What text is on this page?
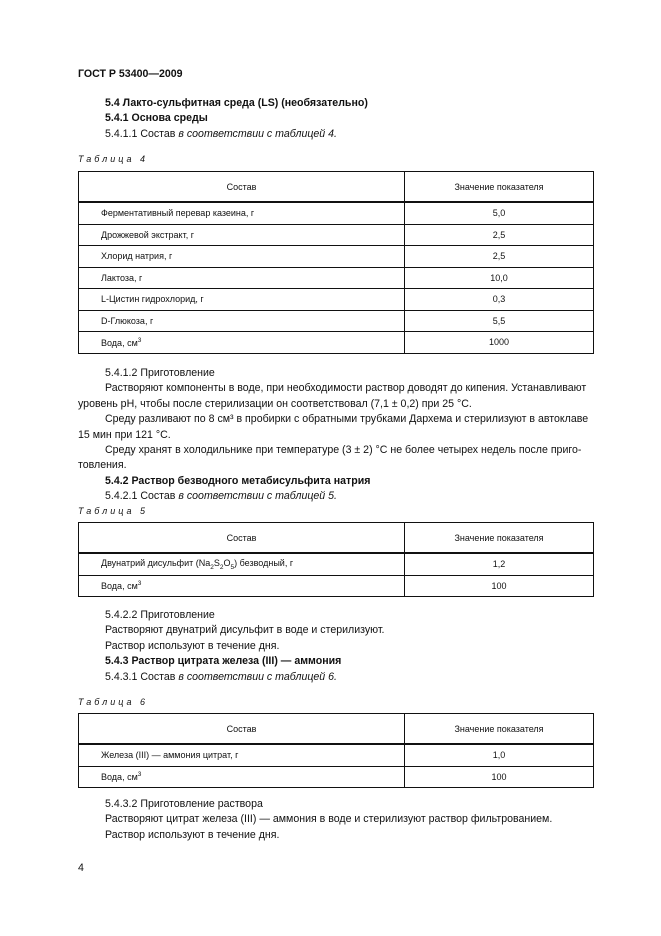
ГОСТ Р 53400—2009
5.4 Лакто-сульфитная среда (LS) (необязательно)
5.4.1 Основа среды
5.4.1.1 Состав в соответствии с таблицей 4.
Таблица 4
Состав	Значение показателя
Ферментативный перевар казеина, г	5,0
Дрожжевой экстракт, г	2,5
Хлорид натрия, г	2,5
Лактоза, г	10,0
L-Цистин гидрохлорид, г	0,3
D-Глюкоза, г	5,5
Вода, $см^3$	1000
5.4.1.2 Приготовление
Растворяют компоненты в воде, при необходимости раствор доводят до кипения. Устанавливают
уровень pH, чтобы после стерилизации он соответствовал (7,1 ± 0,2) при 25 °C.
Среду разливают по 8 см³ в пробирки с обратными трубками Дархема и стерилизуют в автоклаве
15 мин при 121 °C.
Среду хранят в холодильнике при температуре (3 ± 2) °C не более четырех недель после приго-
товления.
5.4.2 Раствор безводного метабисульфита натрия
5.4.2.1 Состав в соответствии с таблицей 5.
Таблица 5
Состав	Значение показателя
Двунатрий дисульфит $(Na_2S_2O_5)$ безводный, г	1,2
Вода, $см^3$	100
5.4.2.2 Приготовление
Растворяют двунатрий дисульфит в воде и стерилизуют.
Раствор используют в течение дня.
5.4.3 Раствор цитрата железа (III) — аммония
5.4.3.1 Состав в соответствии с таблицей 6.
Таблица 6
Состав	Значение показателя
Железа (III) — аммония цитрат, г	1,0
Вода, $см^3$	100
5.4.3.2 Приготовление раствора
Растворяют цитрат железа (III) — аммония в воде и стерилизуют раствор фильтрованием.
Раствор используют в течение дня.
4
